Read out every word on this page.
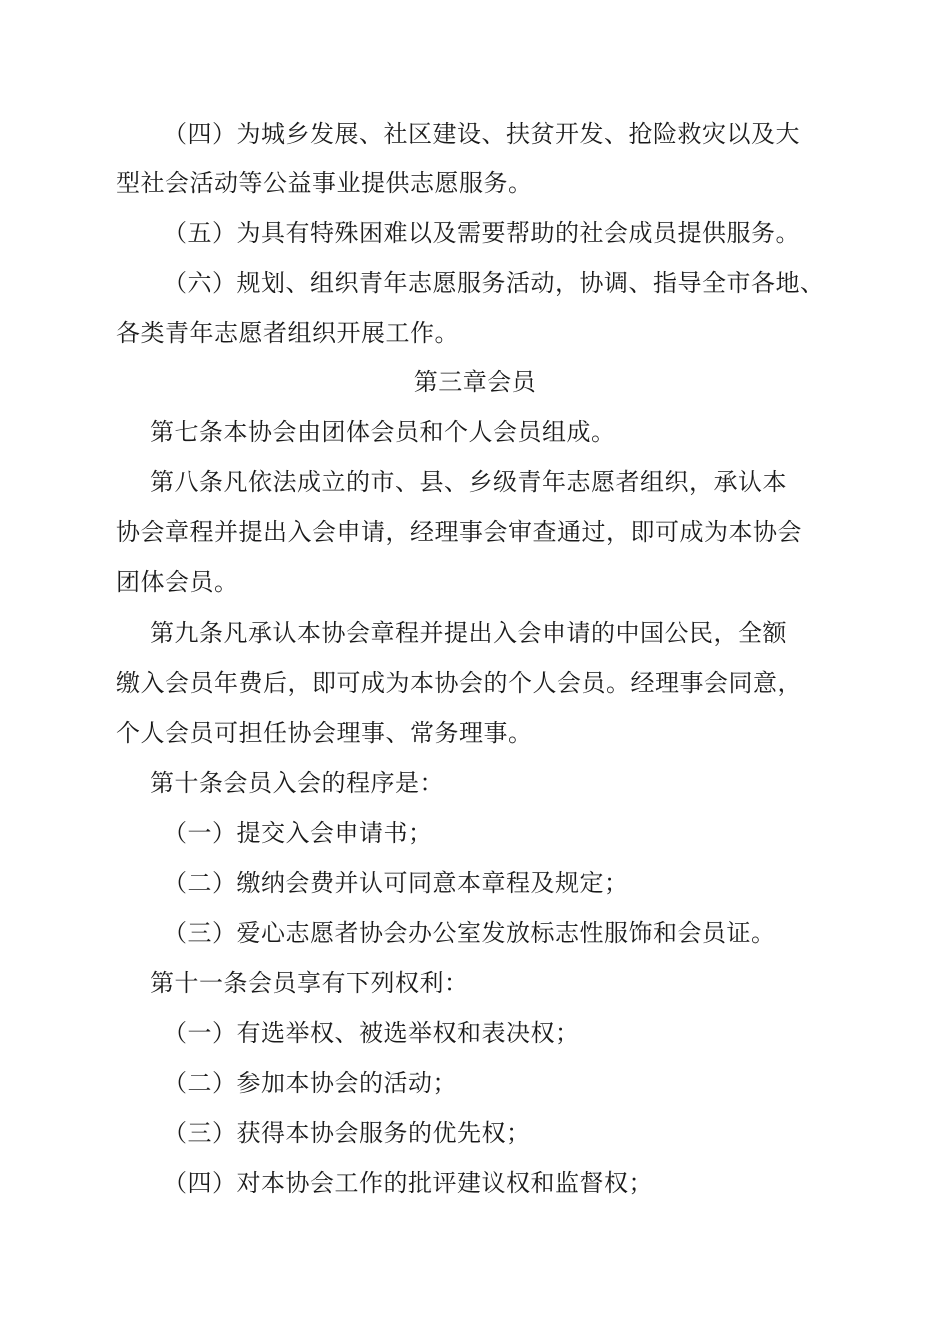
（四）为城乡发展、社区建设、扶贫开发、抢险救灾以及大
型社会活动等公益事业提供志愿服务。
（五）为具有特殊困难以及需要帮助的社会成员提供服务。
（六）规划、组织青年志愿服务活动，协调、指导全市各地、
各类青年志愿者组织开展工作。
第三章会员
第七条本协会由团体会员和个人会员组成。
第八条凡依法成立的市、县、乡级青年志愿者组织，承认本
协会章程并提出入会申请，经理事会审查通过，即可成为本协会
团体会员。
第九条凡承认本协会章程并提出入会申请的中国公民，全额
缴入会员年费后，即可成为本协会的个人会员。经理事会同意，
个人会员可担任协会理事、常务理事。
第十条会员入会的程序是：
（一）提交入会申请书；
（二）缴纳会费并认可同意本章程及规定；
（三）爱心志愿者协会办公室发放标志性服饰和会员证。
第十一条会员享有下列权利：
（一）有选举权、被选举权和表决权；
（二）参加本协会的活动；
（三）获得本协会服务的优先权；
（四）对本协会工作的批评建议权和监督权；
